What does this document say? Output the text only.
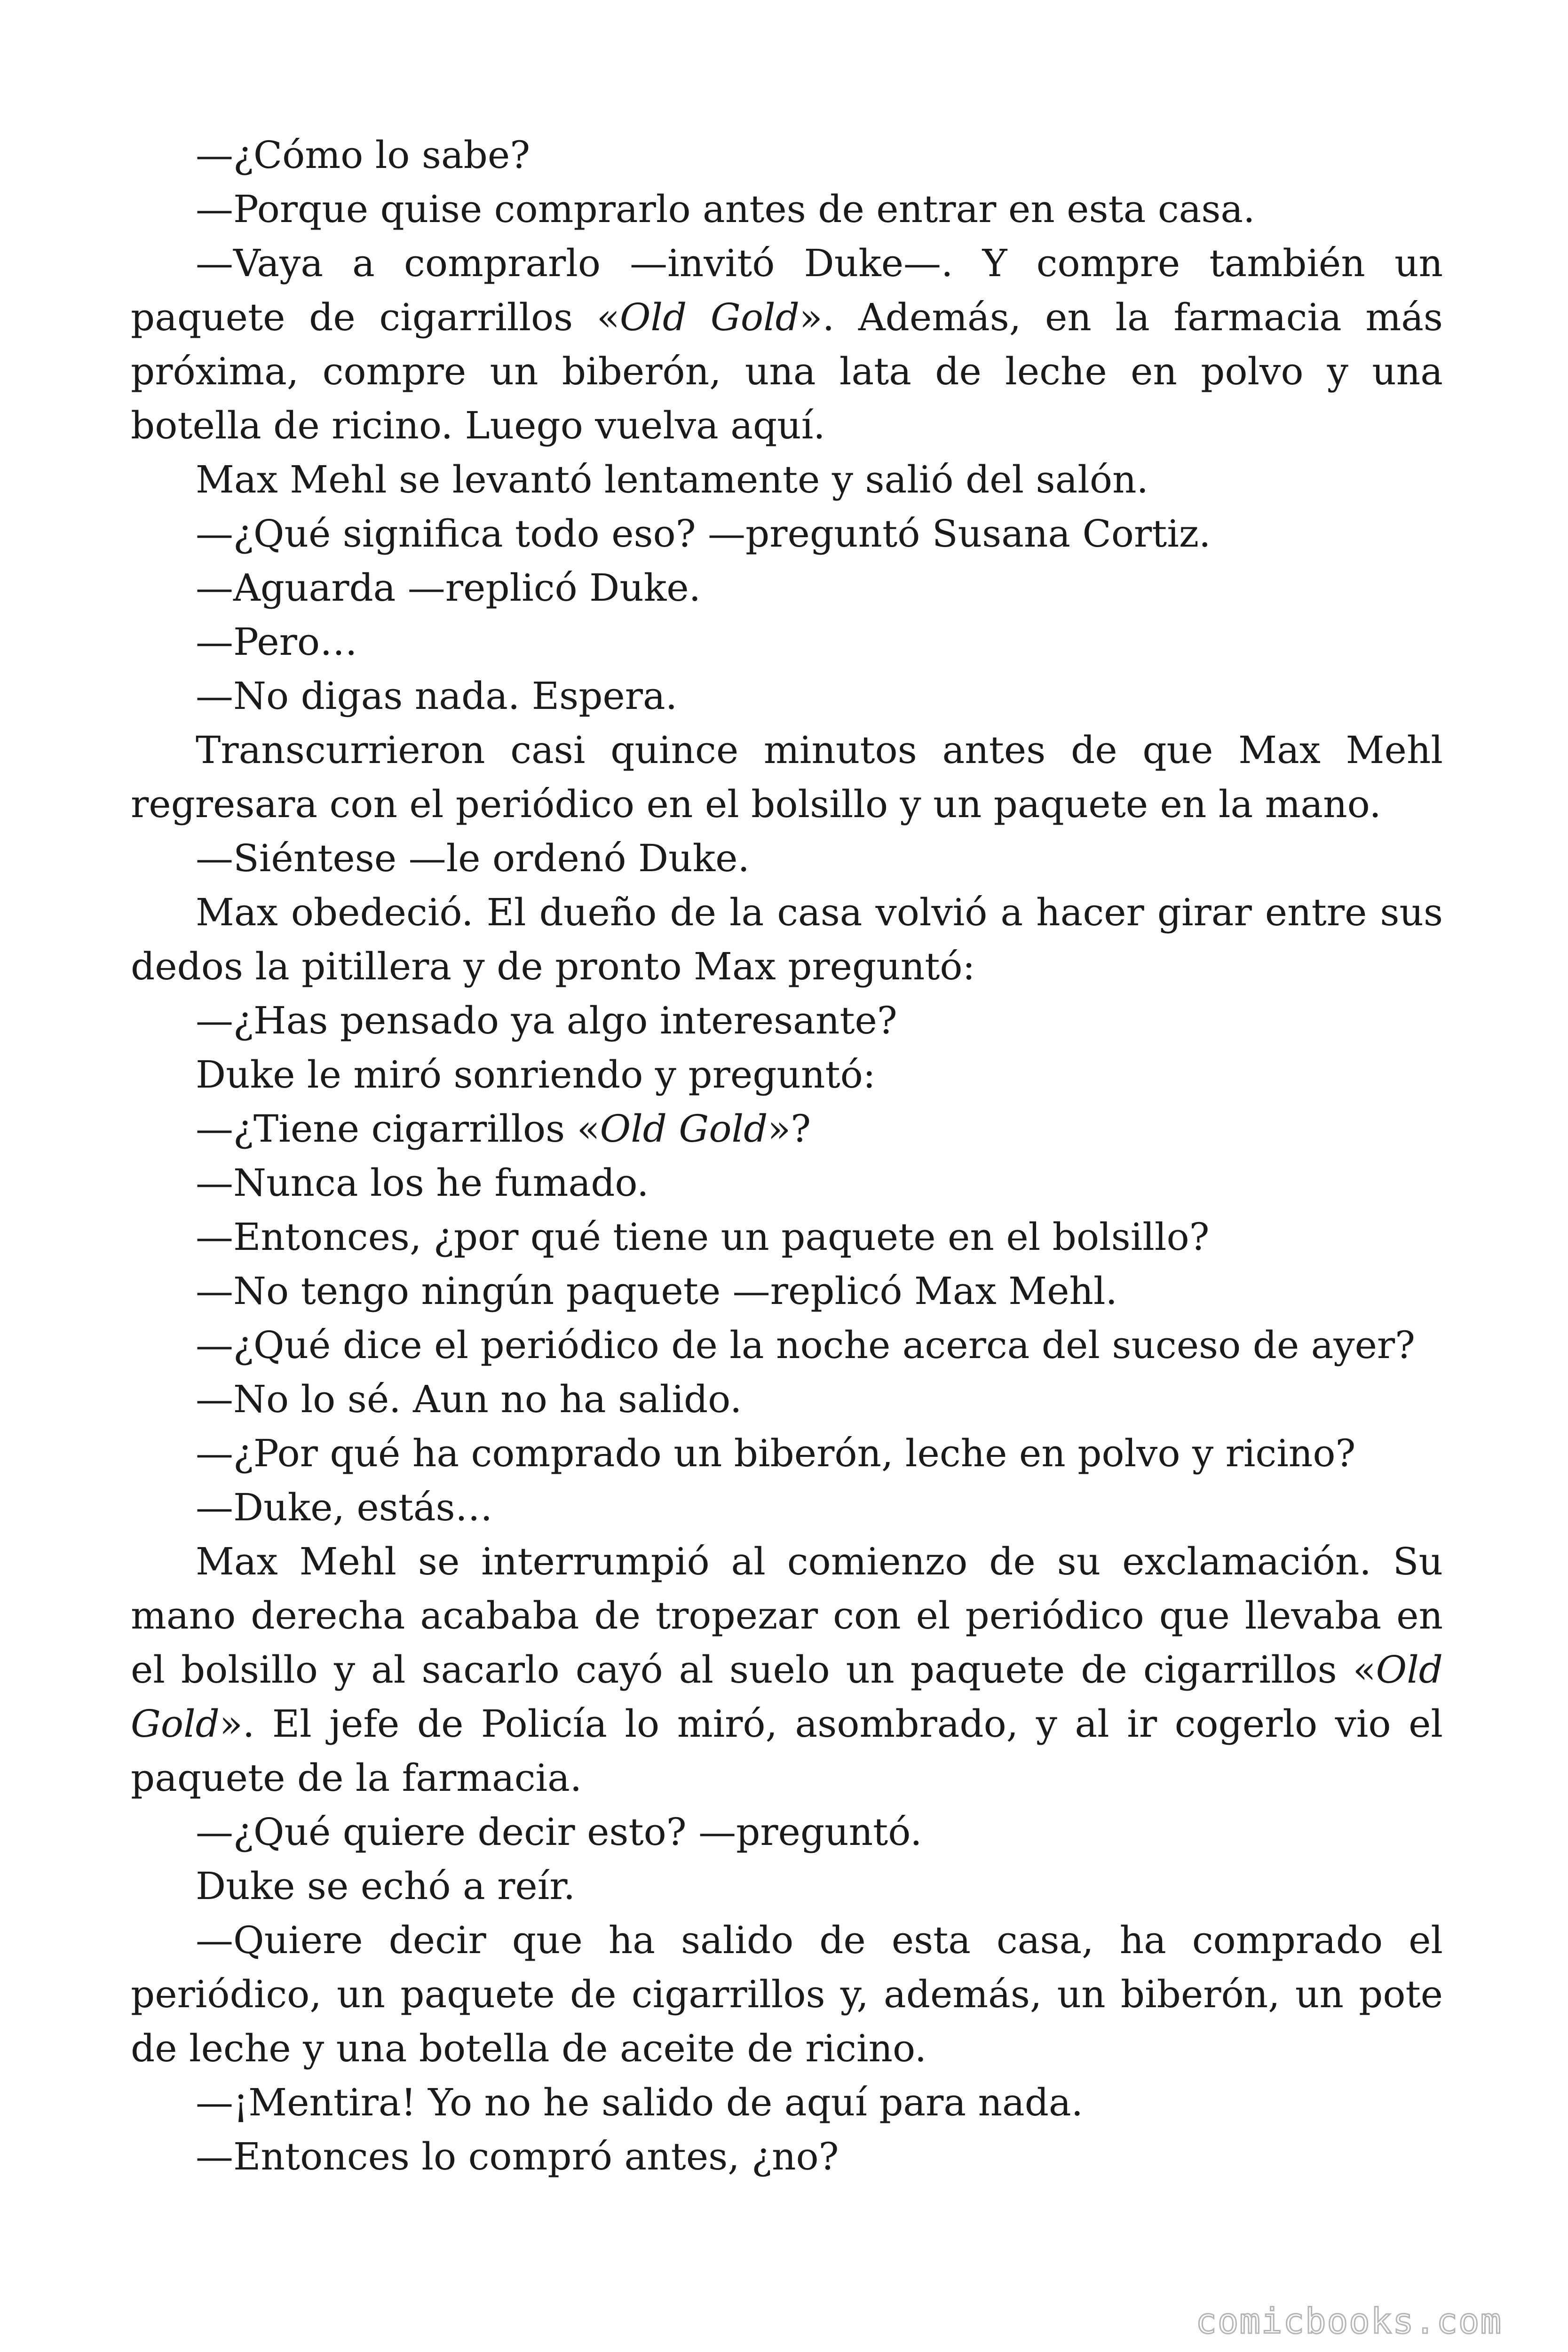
—¿Cómo lo sabe?

—Porque quise comprarlo antes de entrar en esta casa.

—Vaya a comprarlo —invitó Duke—. Y compre también un paquete de cigarrillos «Old Gold». Además, en la farmacia más próxima, compre un biberón, una lata de leche en polvo y una botella de ricino. Luego vuelva aquí.

Max Mehl se levantó lentamente y salió del salón.

—¿Qué significa todo eso? —preguntó Susana Cortiz.

—Aguarda —replicó Duke.

—Pero…

—No digas nada. Espera.

Transcurrieron casi quince minutos antes de que Max Mehl regresara con el periódico en el bolsillo y un paquete en la mano.

—Siéntese —le ordenó Duke.

Max obedeció. El dueño de la casa volvió a hacer girar entre sus dedos la pitillera y de pronto Max preguntó:

—¿Has pensado ya algo interesante?

Duke le miró sonriendo y preguntó:

—¿Tiene cigarrillos «Old Gold»?

—Nunca los he fumado.

—Entonces, ¿por qué tiene un paquete en el bolsillo?

—No tengo ningún paquete —replicó Max Mehl.

—¿Qué dice el periódico de la noche acerca del suceso de ayer?

—No lo sé. Aun no ha salido.

—¿Por qué ha comprado un biberón, leche en polvo y ricino?

—Duke, estás…

Max Mehl se interrumpió al comienzo de su exclamación. Su mano derecha acababa de tropezar con el periódico que llevaba en el bolsillo y al sacarlo cayó al suelo un paquete de cigarrillos «Old Gold». El jefe de Policía lo miró, asombrado, y al ir cogerlo vio el paquete de la farmacia.

—¿Qué quiere decir esto? —preguntó.

Duke se echó a reír.

—Quiere decir que ha salido de esta casa, ha comprado el periódico, un paquete de cigarrillos y, además, un biberón, un pote de leche y una botella de aceite de ricino.

—¡Mentira! Yo no he salido de aquí para nada.

—Entonces lo compró antes, ¿no?

comicbooks.com
